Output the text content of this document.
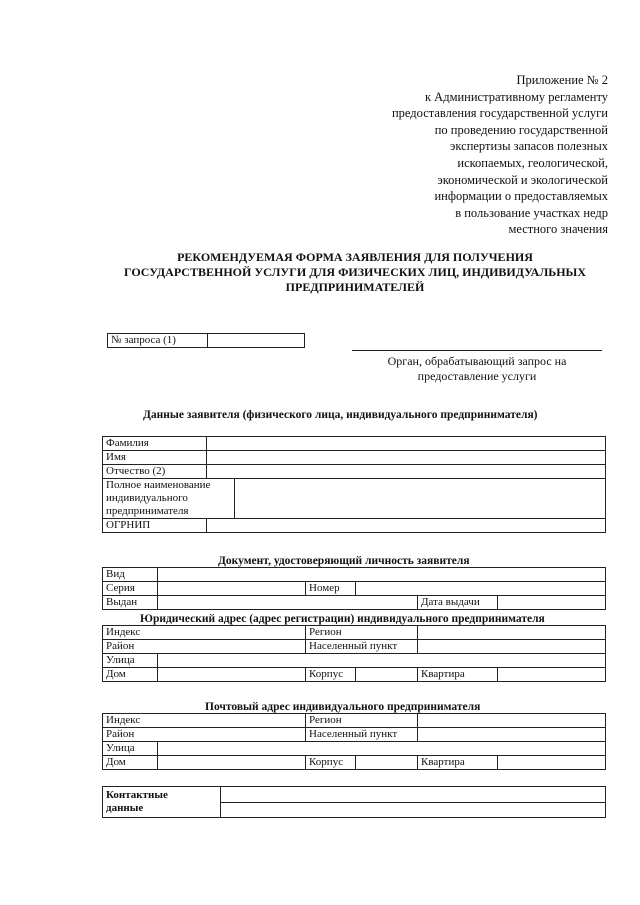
Приложение № 2
к Административному регламенту
предоставления государственной услуги
по проведению государственной
экспертизы запасов полезных
ископаемых, геологической,
экономической и экологической
информации о предоставляемых
в пользование участках недр
местного значения
РЕКОМЕНДУЕМАЯ ФОРМА ЗАЯВЛЕНИЯ ДЛЯ ПОЛУЧЕНИЯ
ГОСУДАРСТВЕННОЙ УСЛУГИ ДЛЯ ФИЗИЧЕСКИХ ЛИЦ, ИНДИВИДУАЛЬНЫХ
ПРЕДПРИНИМАТЕЛЕЙ
№ запроса (1)	
Орган, обрабатывающий запрос на
предоставление услуги
Данные заявителя (физического лица, индивидуального предпринимателя)
Фамилия		
Имя		
Отчество (2)		

Полное наименование
индивидуального
предпринимателя		

ОГРНИП		
Документ, удостоверяющий личность заявителя
Вид					
Серия		Номер			
Выдан				Дата выдачи	
Юридический адрес (адрес регистрации) индивидуального предпринимателя
Индекс		Регион			
Район		Населенный пункт			
Улица					
Дом		Корпус		Квартира	
Почтовый адрес индивидуального предпринимателя
Индекс		Регион			
Район		Населенный пункт			
Улица					
Дом		Корпус		Квартира	
Контактные
данные
